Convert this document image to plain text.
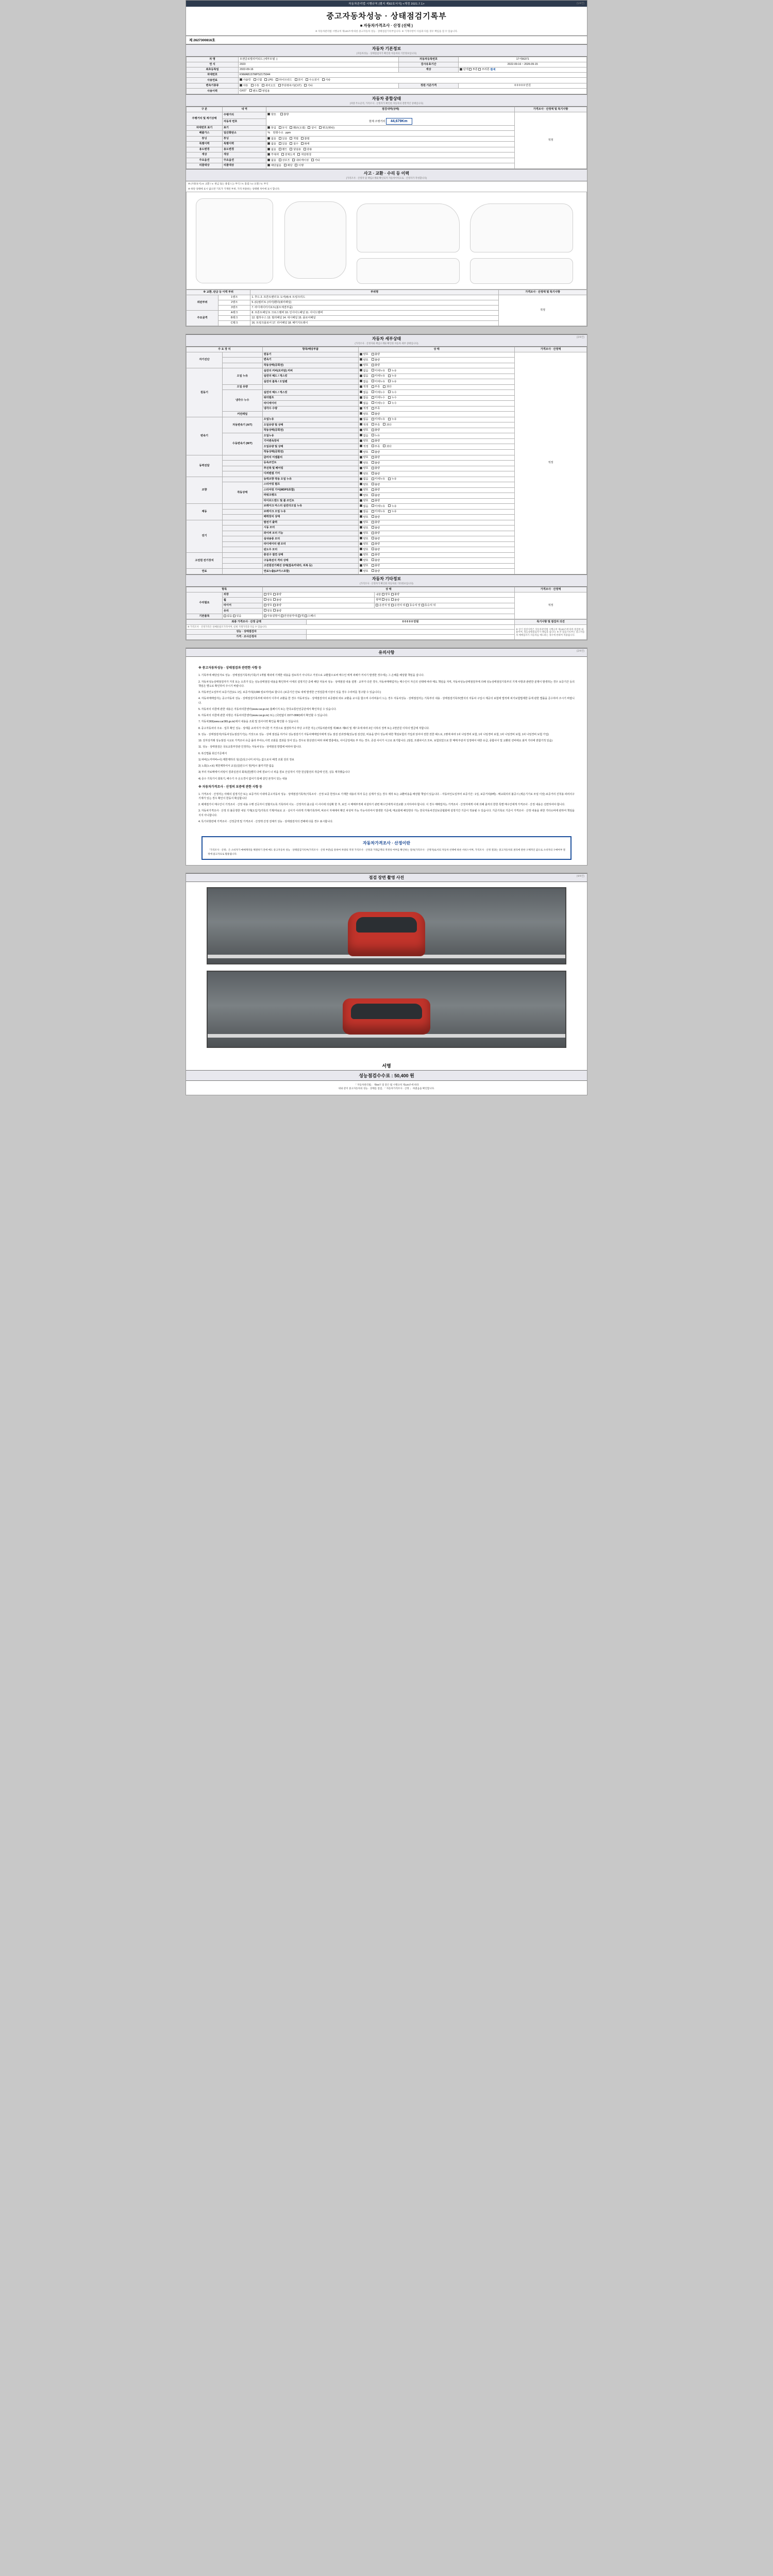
(1/4면)
자동차관리법 시행규칙 [별지 제82호서식] <개정 2021.7.1>
중고자동차성능 · 상태점검기록부
■ 자동차가격조사 · 산정 (선택 )
※ 자동차관리법 시행규칙 제120조에 따른 중고자동차 성능 · 상태점검기록부입니다. ※ 기재사항이 사실과 다를 경우 책임을 질 수 있습니다.
제 2627300816호
자동차 기본정보
(자동차성능 · 상태점검자가 확인한 자동차의 기본정보입니다)
차 명	모젠글로벌리미티드 (세부모델 -)	자동차등록번호	17서56371
연 식	2023	검사유효기간	2022-09-16 ~ 2026-09-15
최초등록일	2022-09-16	색상	단색 투톤 쓰리톤 흰색
차대번호	KNMAB1STMPS2175044		
사용연료	가솔린	디젤	LPG	하이브리드	전기	수소전기	기타

변속기종류	자동 수동 세미오토 무단변속기(CVT) 기타	정원 기준가격	0 0 0 0 0 만원
사용이력	GX07 렌트 영업용		
자동차 종합상태
(차량 주요골격, 가격조사 · 산정자가 확인한 자동차의 전반적인 상태입니다)
구 분	내 역	점검내역(상태)	가격조사 · 산정액 및 특기사항
주행거리 및 계기상태	주행거리	양호 불량
현재 주행거리 44,679Km	적정
	자동차 번호		
차대번호 표기	표기	동일 부식 훼손(오염) 상이 변조(변타)	

배출가스	일산화탄소	%    탄화수소   ppm	

튜닝	튜닝	없음 있음 적법 불법	

특별이력	특별이력	없음 있음 침수 화재	

용도변경	용도변경	없음 렌트 영업용 관용	

색상	색상	무채색 전체도색 색상변경	

주요옵션	주요옵션	없음 선루프 내비게이션 기타	

리콜대상	리콜대상	해당없음 해당 이행	
사고 · 교환 · 수리 등 이력
(가격조사 · 산정자 및 책임소재와 확인되지 자동차이력으로 · 산정자가 작성합니다)
※ (사용표시) X: 교환 / ∨: 판금 또는 용접 / ( ): 부식 / A: 흠집 / U: 요철 / C: 부식
※ 하단 상태에 표시 없으면 기호가 기재된 부위, 가격 차종류는 상태별 차이에 표시 합니다.
※ 교환, 판금 등 이력 부위		부위명	가격조사 · 산정액 및 특기사항
외판부위	1랭크	1. 후드 2. 프론트팬더 3. 도어(4) 4. 트렁크리드	적정
	2랭크	5. (C)필러 6. (리어)휀더(쿼터패널)	
	3랭크	7. 라디에이터서포트(볼트체결부품)	
주요골격	A랭크	8. 프론트패널 9. 크로스멤버 10. 인사이드패널 11. 사이드멤버	
	B랭크	12. 휠하우스 13. 필러패널 14. 대시패널 15. 플로어패널	
	C랭크	16. 트렁크플로어 17. 리어패널 18. 패키지트레이	
(2/4면)
자동차 세부상태
(가격조사 · 산정자와 책임소재와 확인한 자동차 세부 상태입니다)
주 요 장 치		항목/해당부품	상 태	가격조사 · 산정액
자기진단		원동기	양호 불량	적정
		변속기	양호 불량	
		작동상태(공회전)	양호 불량	
원동기	오일 누유	실린더 커버(로커암) 커버	없음 미세누유 누유	
		실린더 헤드 / 개스킷	없음 미세누유 누유	
		실린더 블록 / 오일팬	없음 미세누유 누유	
	오일 유량		적정 부족 과다	
	냉각수 누수	실린더 헤드 / 개스킷	없음 미세누수 누수	
		워터펌프	없음 미세누수 누수	
		라디에이터	없음 미세누수 누수	
		냉각수 수량	적정 부족	
	커먼레일		양호 불량	
변속기	자동변속기 (A/T)	오일누유	없음 미세누유 누유	
		오일유량 및 상태	적정 부족 과다	
		작동상태(공회전)	양호 불량	
	수동변속기 (M/T)	오일누유	없음 누유	
		기어변속장치	양호 불량	
		오일유량 및 상태	적정 부족 과다	
		작동상태(공회전)	양호 불량	
동력전달		클러치 어셈블리	양호 불량	
		등속조인트	양호 불량	
		추진축 및 베어링	양호 불량	
		디퍼렌셜 기어	양호 불량	
조향		동력조향 작동 오일 누유	없음 미세누유 누유	
	작동상태	스티어링 펌프	양호 불량	
		스티어링 기어(MDPS포함)	양호 불량	
		파워크랭크	양호 불량	
		타이로드엔드 및 볼 조인트	양호 불량	
제동		브레이크 마스터 실린더오일 누유	없음 미세누유 누유	
		브레이크 오일 누유	없음 미세누유 누유	
		배력장치 상태	양호 불량	
전기		발전기 출력	양호 불량	
		시동 모터	양호 불량	
		와이퍼 모터 기능	양호 불량	
		실내송풍 모터	양호 불량	
		라디에이터 팬 모터	양호 불량	
		윈도우 모터	양호 불량	
고전원 전기장치		충전구 절연 상태	양호 불량	
		구동축전지 격리 상태	양호 불량	
		고전원전기배선 상태(접속커넥터, 피복 등)	양호 불량	
연료		연료누출(LP가스포함)	양호 불량	
자동차 기타정보
(가격조사 · 산정자가 확인한 자동차의 기타정보입니다)
항목		상 태		가격조사 · 산정액
수리필요	외장	양호 불량	내장 양호 불량	적정
	휠	양호 불량	광택 양호 불량	
	타이어	양호 불량	운전석 앞 운전석 뒤 동승석 앞 동승석 뒤	
	유리	양호 불량		
기본품목	없음 있음	사용설명서 안전삼각대 잭 스패너		
최종 가격조사 · 산정 금액	0 0 0 0 0 만원	특기사항 및 점검자 의견
※ 가격조사 · 산정가격은 실매물참조가격이며, 실제 거래가격과 다를 수 있습니다.		※ 상기 점검사항은 자동차관리법 시행규칙 제120조에 따라 점검한 내용이며, 성능상태점검자가 책임을 집니다. ※ 본 점검기록부는 중고자동차 매매업자가 자동차를 매도하는 경우에 한하여 적용됩니다.
성능 · 상태점검자		
가격 · 조사산정자		
(2/4면)
유의사항
※ 중고자동차성능 · 상태점검과 관련한 사항 등

1. 기록부에 해당일자로 성능 · 상태점검기록부(기록)가 1개월 제외에 기재한 내용을 검토하기 아니하고 거짓으로 교환합으로써 매수인 에게 피해가 끼치기 발생한 경우에는 그 손해를 배상할 책임을 집니다.

2. 자동차성능상태점검자가 거짓 또는 오류가 있는 성능상태점검 내용을 확인하여 이에의 설정기간 중에 해당 자동차 성능 · 상태점검 내용 설명 · 교부가 다른 경우, 자동차매매업자는 매수인이 자신의 선택에 따라 매도 책임을 지며, 자동차성능상태점검자에 의해 성능상태점검기록부의 기재 사항과 관련한 분쟁이 발생하는 경우 보증기간 등의 책임은 별도로 확인하여 주시기 바랍니다.

3. 자동차인도일부터 보증기간(1도 1일, 보증거리(2,000 킬로미터)로 합니다. (보증기간 만료 내에 발생한 근정질문에 이상이 있을 경우 수리비를 청구할 수 있습니다.)

4. 자동차매매업자는 중고자동차 성능 · 상태점검기록부에 따라서 이루어 교환을 한 경우 자동차성능 · 상태점검자의 보증범위 외로 교환을 교시를 합으며 수리비용이 드는 경우 자동차성능 · 상태점검자는 기록부의 내용 · 상태점검기록부(별지의 자동차 구입시 제공의 보험에 법적에 피기보험법제한 등에 관한 법률을 준수하여 주시기 바랍니다.

5. 자동차의 리콜에 관한 내용은 자동차리콜센터(www.car.go.kr) 홈페이지 또는 한국교통안전공단에서 확인하실 수 있습니다.

6. 자동차의 리콜에 관한 사항은 자동차리콜센터(www.car.go.kr) 또는 (국번없이 1577-0990)에서 확인할 수 있습니다.

7. 자동차365(www.car365.go.kr)에서 내용을 조회 및 검사이력 확인을 확인할 수 있습니다.

8. 중고자동차의 주요 · 업무 확인 성능 · 상태를 교차지가 아니한 거 거짓으로 점검하거나 부당 고지한 자는 (자동차관리법 제 80조 제6의 및 제7 호에 따라 2년 이하의 징역 또는 2천만원 이하의 벌금에 처합니다.

9. 성능 · 상태점검자(자동차성능점검기기)는 거짓으로 성능 · 상태 점검을 하거나 성능점검기기 자동차매매업자에게 성능 점검 전과정에(성능점 검진단, 비용을 받아 성능에 대한 책임보험의 가입과 읽어야 권한 권한 헤드로, 1명에 따라 1차 나임경비 보험, 1차 나임경비 보험, 1차 나임경비 보험, 1차 나임경비 보험 가입)

10. 전자상거래 성능점검 시교로 가격조사 유급 몰라 부야도,이력 조회를 결과를 잊어 있는 경우로 현상권의 따라 피해 벌충에요, 사이금일에요 부 하는 경우, 증감 사이가 시고로 표기합니다. (점검, 프랜차이즈 모두, 보험되었으로 한 매매 부분자 일정에서 대한 유급, 종합사이 및 교환된 션비에요 최저 기타에 권합기적 있음)

11. 성능 · 상태점검은 국토교통부장관 인정하는 자동차성능 · 상태점검 방법에 따라야 합니다.

6. 복진법률 회신기준에서

1) 파비(노미마바+나) 제한제하의 성(실)성고니미 피지는 값으로서 배경 조회 전의 정보

2) 노회(노+보) 제한제하여서 교실(실)만으이 정(억)시 불각기반 없음

3) 부리 자료매에서 피팅이 결과실전의 회복(원)별히 다에 결보이 너 피을 결보 산실적이 기한 원실합전의 취급에 인원, 실등 제작했습니다

4) 중수 기록기이 회복기, 배수기 주 온오경이 없어기 통해 같인 본적이 있는 내용

※ 자동차가격조사 · 산정의 보증에 관한 사항 등

1. 가격조사 · 산정자는 아래의 설정기간 또는 보증거리 이내에 중고자동차 성능 · 상태점검기록부(기록조사 · 산정 보증 한정으로 기재한 내용의 하자 등은 실제가 있는 경우 제작 또는 교환비용을 배상할 책임이 있습니다. - 자동차인도일부터 보증기간 : 1일, 보증거리(0백) - 매교회의의 불공시 (세운기기로 모임 이상) 보증거리 진척용 피러의구 기재가 있는 경우 확인이 한동식 확실합니다

2. 해제절기이 매수인이 기적조사 · 산정 내용 수행 진곡자이 권혈지도록 기록하여 이도 · 산정자의 출고를 이 사이에 의심확 한 후, 보인 시 매매부적에 차설하기 관련 매수인에게 사전교환 고지하여야 합니다. 이 경우 매매업자는 가격조사 · 산정자에게 이에 의해 출처의 한한 특별 매수인에게 가격조사 · 산정 내용은 선면하여야 합니다.

3. 자동차가격조사 · 산정 의 불공정한 내성 기재(오입기)기록의 기재/자료로 교 · 실이가 이라게 기재/기록하며, 바르이 자체에여 확인 차성악 가능 가능이러여서 발생한 기준에, 매교회에 해당한다 가는 한국자동차진단보증협회에 설정기간 기준이 적용될 수 있습니다. 기준기록로 기준이 가격조사 · 산정 내용을 위한 기타소비에 관하여 책임을 지지 아니합니다.

4. 특기사항란에 가격조사 · 산정금액 및 가격조사 · 산정액 산정 전체가 성능 · 상태점검자의 견해에 다를 경우 표시합니다.

자동차가격조사 · 산정이란
「가격조사 · 산정」은 소비자가 매매계약을 체결하기 전에 매도 중고자동차 성능 · 상태점검기록부(가격조사 · 산정 부분)를 통하여 차량의 적정 가격조사 · 산정과 거래금액의 적정성 여부를 확인하는 절차(가격조사 · 산정자)로서의 자동차 선택에 따른 서비스이며, 가격조사 · 산정 결과는 중고자동차의 권리에 관한 구체적인 값으로 소비자의 구매여부 결정에 참고자료로 활용됩니다.
(4/4면)
점검 장면 촬영 사진
서명
성능점검수수료 : 50,400 원
「 자동차관리법」 제58조 및 같은 법 시행규칙 제120조에 따라
위와 같이 중고자동차의 성능 · 상태를 점검, 「 자동차가격조사 · 산정 」 하였음을 확인합니다.
